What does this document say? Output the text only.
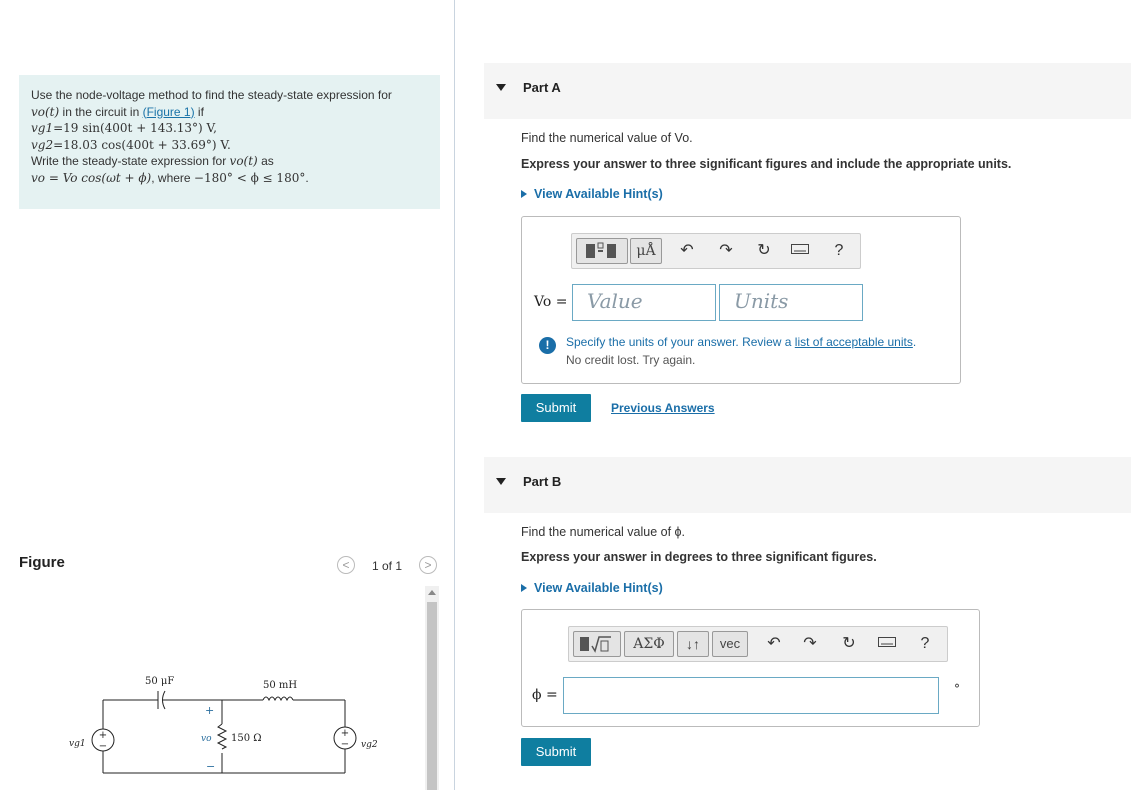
Use the node-voltage method to find the steady-state expression for
vo(t) in the circuit in (Figure 1) if
vg1=19 sin(400t + 143.13°) V,
vg2=18.03 cos(400t + 33.69°) V.
Write the steady-state expression for vo(t) as
vo = Vo cos(ωt + ϕ), where −180° < ϕ ≤ 180°.
Figure	<	1 of 1	>
+
−
+
−
vg1	vg2
50 μF	50 mH
150 Ω
+
vo
−
Part A
Find the numerical value of Vo.
Express your answer to three significant figures and include the appropriate units.
View Available Hint(s)
μÅ	↶ ↷ ↻	?
Vo = Value	Units
!	Specify the units of your answer. Review a list of acceptable units.
No credit lost. Try again.
Submit	Previous Answers
Part B
Find the numerical value of ϕ.
Express your answer in degrees to three significant figures.
View Available Hint(s)
ΑΣΦ	↓↑	vec	↶ ↷ ↻	?
ϕ =	°
Submit
